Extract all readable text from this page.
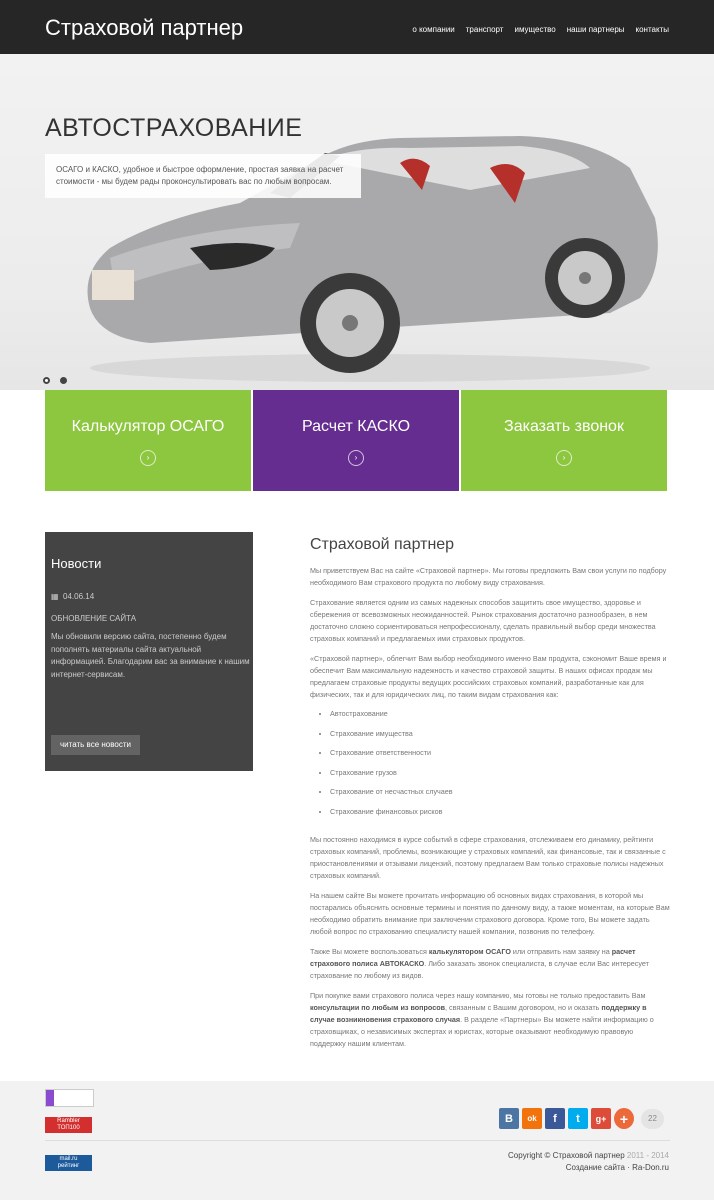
Страховой партнер	о компании транспорт имущество наши партнеры контакты
АВТОСТРАХОВАНИЕ
ОСАГО и КАСКО, удобное и быстрое оформление, простая заявка на расчет стоимости - мы будем рады проконсультировать вас по любым вопросам.
Калькулятор ОСАГО
›
Расчет КАСКО
›
Заказать звонок
›
Новости
▦ 04.06.14
ОБНОВЛЕНИЕ САЙТА
Мы обновили версию сайта, постепенно будем пополнять материалы сайта актуальной информацией. Благодарим вас за внимание к нашим интернет-сервисам.
читать все новости
Страховой партнер

Мы приветствуем Вас на сайте «Страховой партнер». Мы готовы предложить Вам свои услуги по подбору необходимого Вам страхового продукта по любому виду страхования.

Страхование является одним из самых надежных способов защитить свое имущество, здоровье и сбережения от всевозможных неожиданностей. Рынок страхования достаточно разнообразен, в нем достаточно сложно сориентироваться непрофессионалу, сделать правильный выбор среди множества страховых компаний и предлагаемых ими страховых продуктов.

«Страховой партнер», облегчит Вам выбор необходимого именно Вам продукта, сэкономит Ваше время и обеспечит Вам максимальную надежность и качество страховой защиты. В наших офисах продаж мы предлагаем страховые продукты ведущих российских страховых компаний, разработанные как для физических, так и для юридических лиц, по таким видам страхования как:

• Автострахование
• Страхование имущества
• Страхование ответственности
• Страхование грузов
• Страхование от несчастных случаев
• Страхование финансовых рисков

Мы постоянно находимся в курсе событий в сфере страхования, отслеживаем его динамику, рейтинги страховых компаний, проблемы, возникающие у страховых компаний, как финансовые, так и связанные с приостановлениями и отзывами лицензий, поэтому предлагаем Вам только страховые полисы надежных страховых компаний.

На нашем сайте Вы можете прочитать информацию об основных видах страхования, в которой мы постарались объяснить основные термины и понятия по данному виду, а также моментам, на которые Вам необходимо обратить внимание при заключении страхового договора. Кроме того, Вы можете задать любой вопрос по страхованию специалисту нашей компании, позвонив по телефону.

Также Вы можете воспользоваться калькулятором ОСАГО или отправить нам заявку на расчет страхового полиса АВТОКАСКО. Либо заказать звонок специалиста, в случае если Вас интересует страхование по любому из видов.

При покупке вами страхового полиса через нашу компанию, мы готовы не только предоставить Вам консультации по любым из вопросов, связанным с Вашим договором, но и оказать поддержку в случае возникновения страхового случая. В разделе «Партнеры» Вы можете найти информацию о страховщиках, о независимых экспертах и юристах, которые оказывают необходимую правовую поддержку нашим клиентам.

Rambler
ТОП100
mail.ru
рейтинг
В	ok	f	t	g+ +	22
Copyright © Страховой партнер 2011 - 2014
Создание сайта · Ra-Don.ru
